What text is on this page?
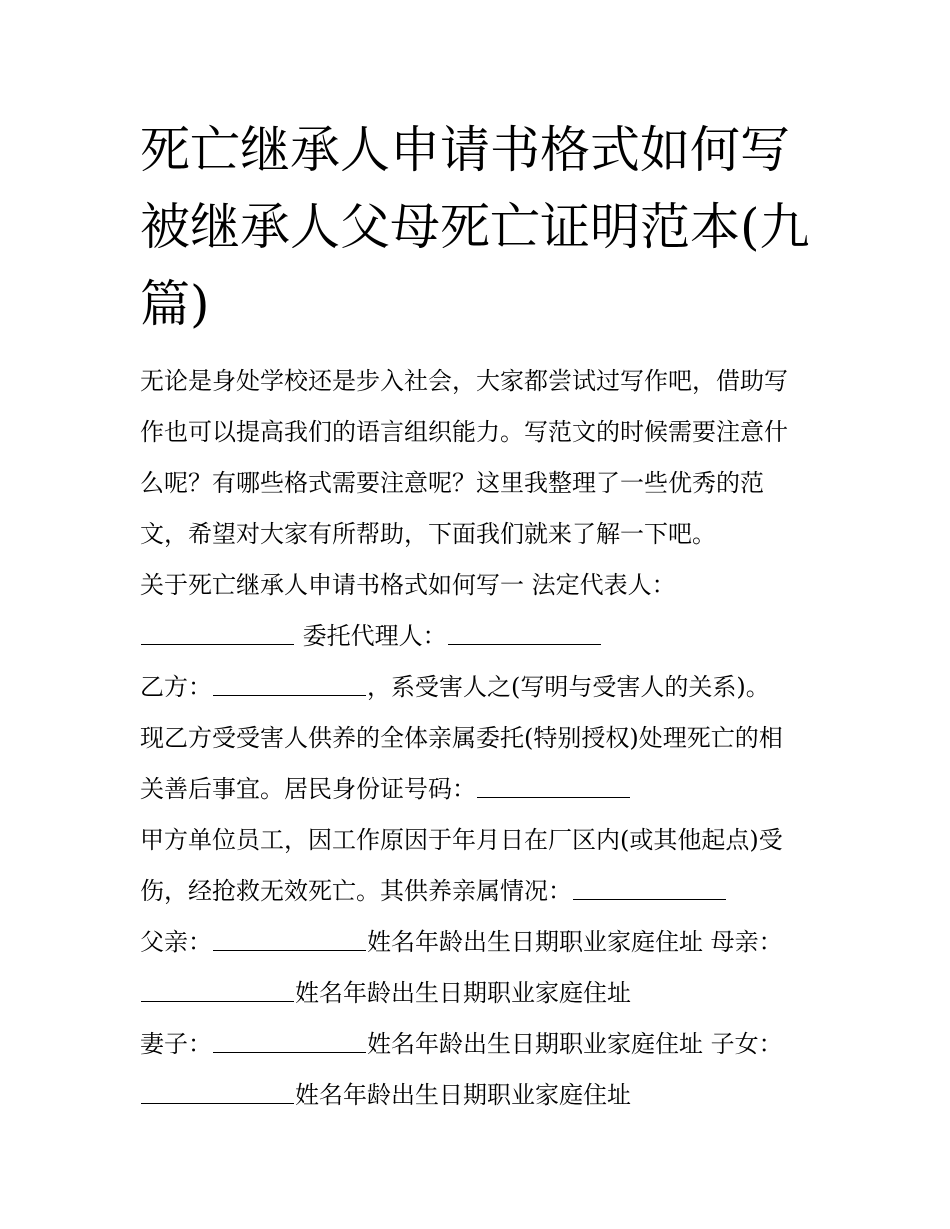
死亡继承人申请书格式如何写
被继承人父母死亡证明范本(九
篇)
无论是身处学校还是步入社会，大家都尝试过写作吧，借助写
作也可以提高我们的语言组织能力。写范文的时候需要注意什
么呢？有哪些格式需要注意呢？这里我整理了一些优秀的范
文，希望对大家有所帮助，下面我们就来了解一下吧。
关于死亡继承人申请书格式如何写一 法定代表人：
委托代理人：
乙方：	，系受害人之(写明与受害人的关系)。
现乙方受受害人供养的全体亲属委托(特别授权)处理死亡的相
关善后事宜。居民身份证号码：
甲方单位员工，因工作原因于年月日在厂区内(或其他起点)受
伤，经抢救无效死亡。其供养亲属情况：
父亲：	姓名年龄出生日期职业家庭住址 母亲：
姓名年龄出生日期职业家庭住址
妻子：	姓名年龄出生日期职业家庭住址 子女：
姓名年龄出生日期职业家庭住址
